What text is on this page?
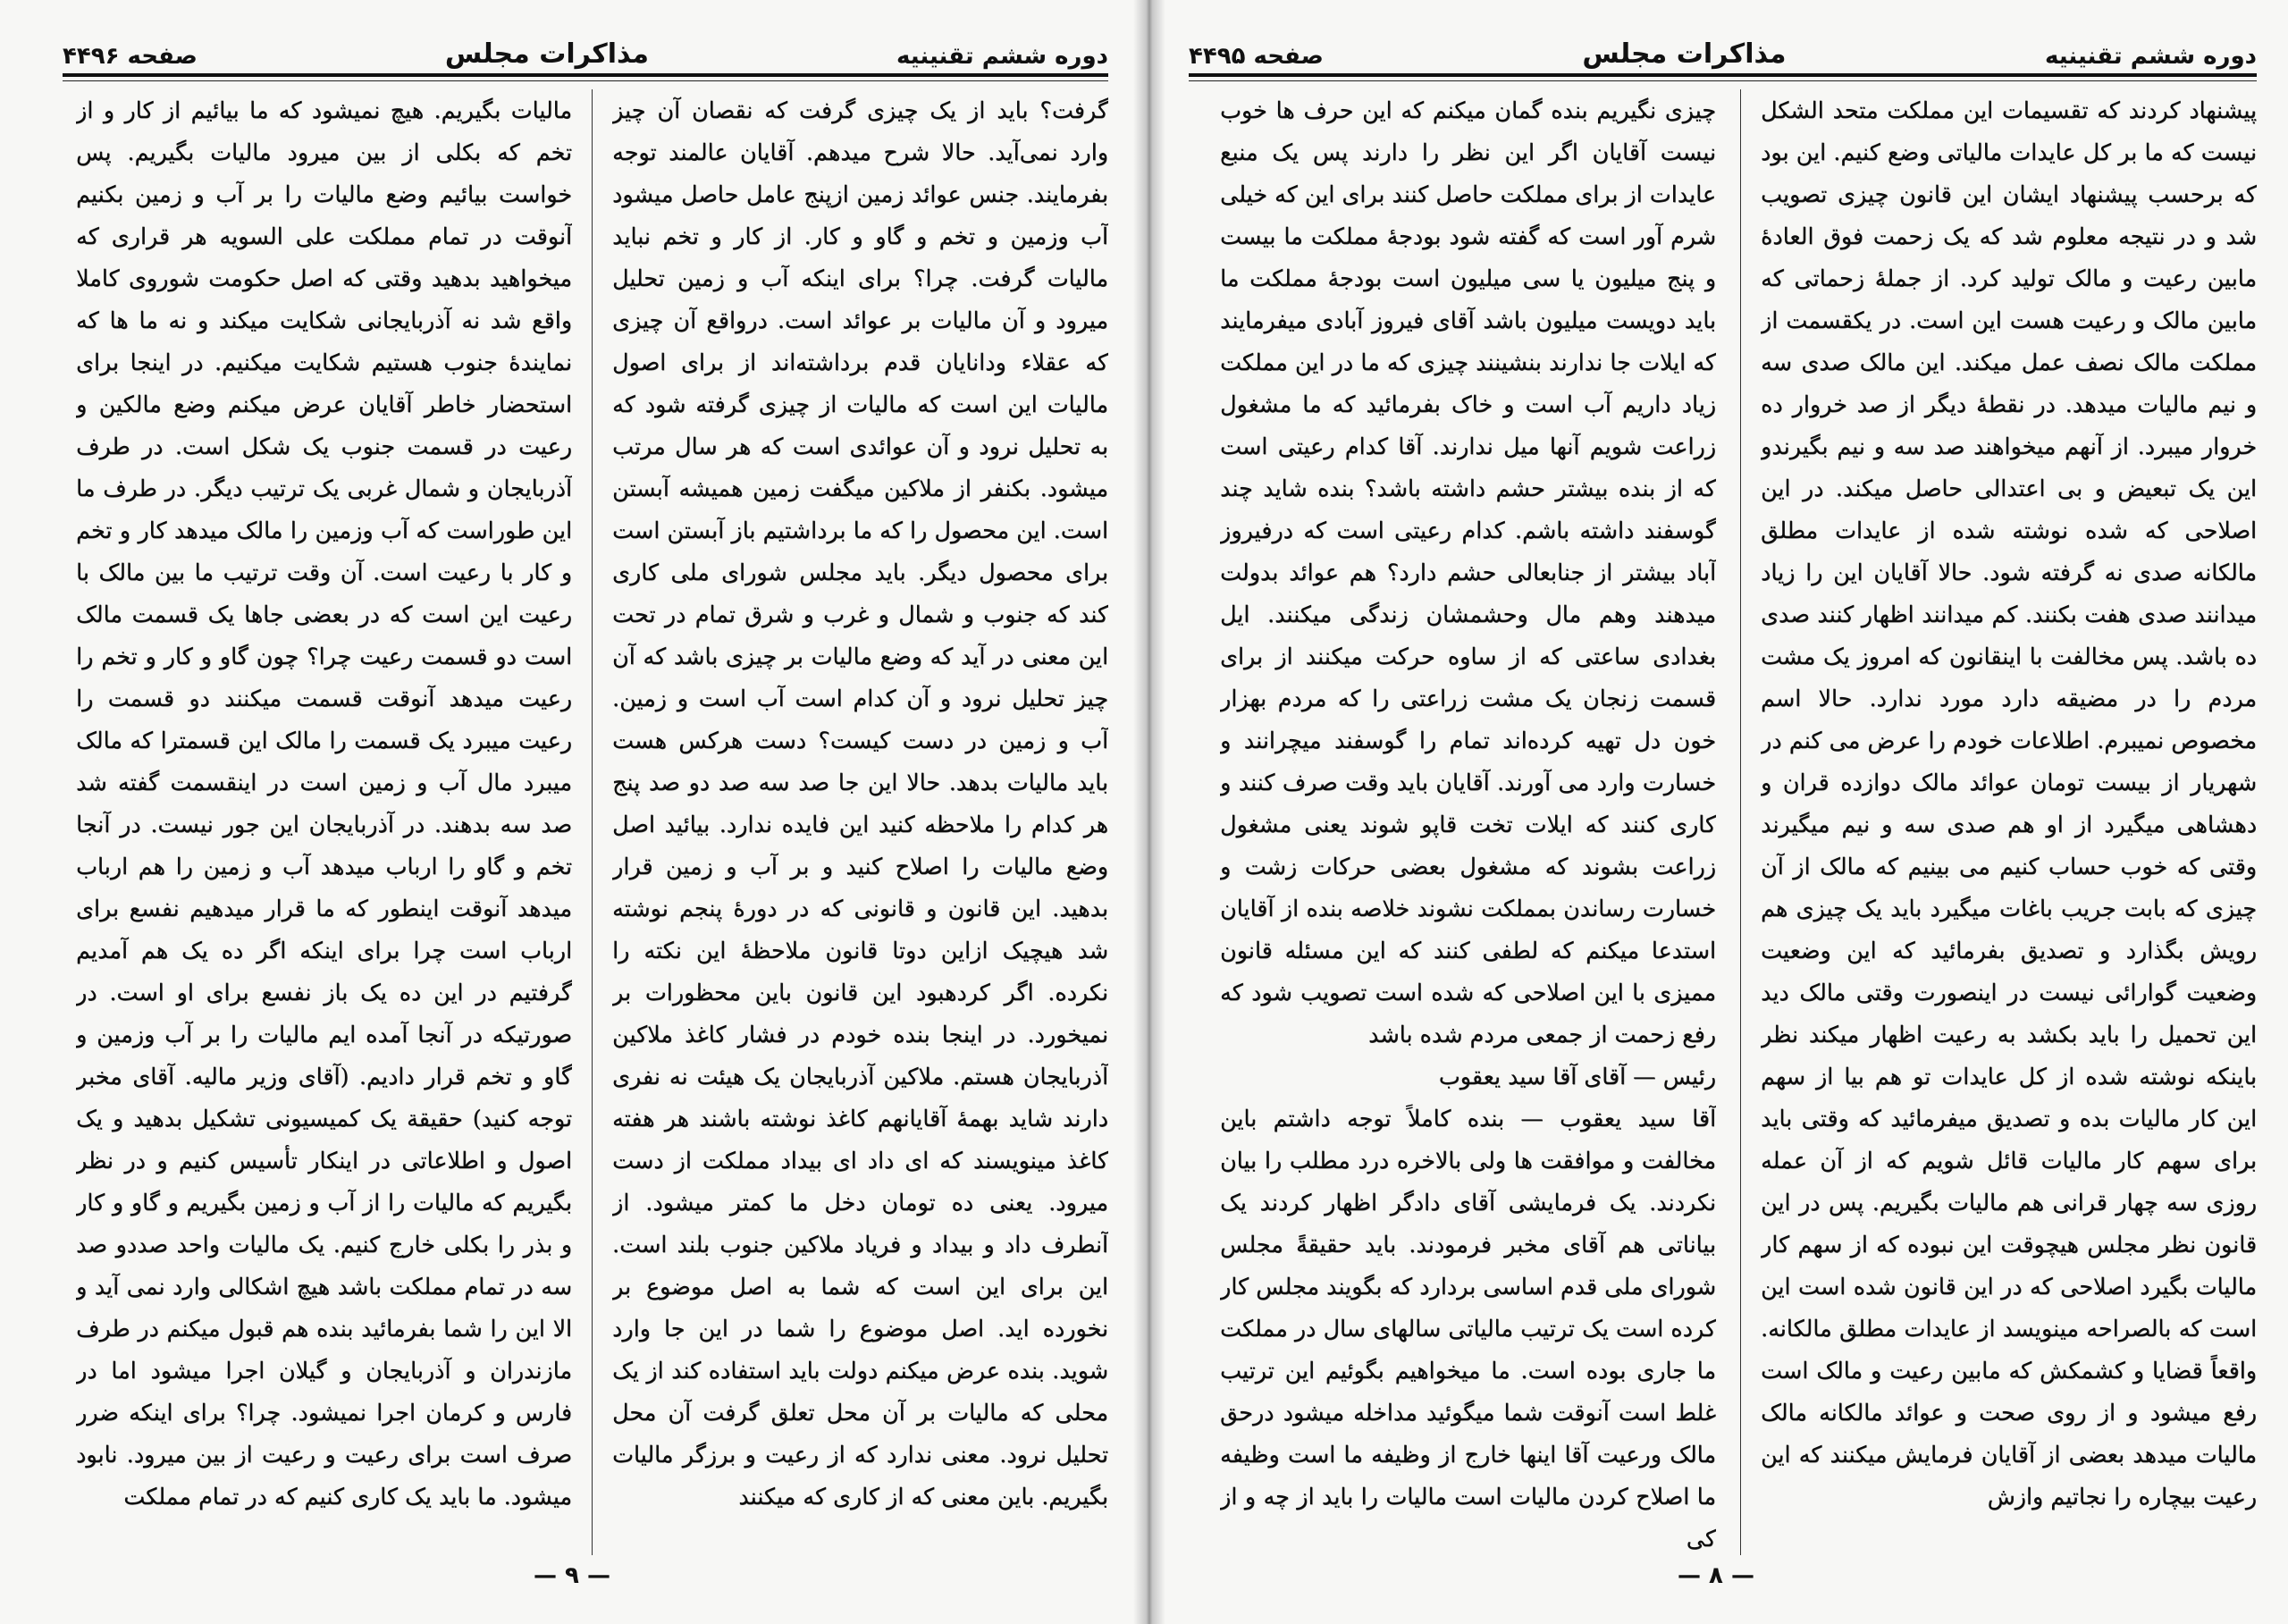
دوره ششم تقنینیه
مذاکرات مجلس
صفحه ۴۴۹۶

گرفت؟ باید از یک چیزی گرفت که نقصان آن چیز وارد نمی‌آید. حالا شرح میدهم. آقایان عالمند توجه بفرمایند. جنس عوائد زمین ازپنج عامل حاصل میشود آب وزمین و تخم و گاو و کار. از کار و تخم نباید مالیات گرفت. چرا؟ برای اینکه آب و زمین تحلیل میرود و آن مالیات بر عوائد است. درواقع آن چیزی که عقلاء ودانایان قدم برداشته‌اند از برای اصول مالیات این است که مالیات از چیزی گرفته شود که به تحلیل نرود و آن عوائدی است که هر سال مرتب میشود. بکنفر از ملاکین میگفت زمین همیشه آبستن است. این محصول را که ما برداشتیم باز آبستن است برای محصول دیگر. باید مجلس شورای ملی کاری کند که جنوب و شمال و غرب و شرق تمام در تحت این معنی در آید که وضع مالیات بر چیزی باشد که آن چیز تحلیل نرود و آن کدام است آب است و زمین. آب و زمین در دست کیست؟ دست هرکس هست باید مالیات بدهد. حالا این جا صد سه صد دو صد پنج هر کدام را ملاحظه کنید این فایده ندارد. بیائید اصل وضع مالیات را اصلاح کنید و بر آب و زمین قرار بدهید. این قانون و قانونی که در دورهٔ پنجم نوشته شد هیچیک ازاین دوتا قانون ملاحظهٔ این نکته را نکرده. اگر کردهبود این قانون باین محظورات بر نمیخورد. در اینجا بنده خودم در فشار کاغذ ملاکین آذربایجان هستم. ملاکین آذربایجان یک هیئت نه نفری دارند شاید بهمهٔ آقایانهم کاغذ نوشته باشند هر هفته کاغذ مینویسند که ای داد ای بیداد مملکت از دست میرود. یعنی ده تومان دخل ما کمتر میشود. از آنطرف داد و بیداد و فریاد ملاکین جنوب بلند است. این برای این است که شما به اصل موضوع بر نخورده اید. اصل موضوع را شما در این جا وارد شوید. بنده عرض میکنم دولت باید استفاده کند از یک محلی که مالیات بر آن محل تعلق گرفت آن محل تحلیل نرود. معنی ندارد که از رعیت و برزگر مالیات بگیریم. باین معنی که از کاری که میکنند

مالیات بگیریم. هیچ نمیشود که ما بیائیم از کار و از تخم که بکلی از بین میرود مالیات بگیریم. پس خواست بیائیم وضع مالیات را بر آب و زمین بکنیم آنوقت در تمام مملکت علی السویه هر قراری که میخواهید بدهید وقتی که اصل حکومت شوروی کاملا واقع شد نه آذربایجانی شکایت میکند و نه ما ها که نمایندهٔ جنوب هستیم شکایت میکنیم. در اینجا برای استحضار خاطر آقایان عرض میکنم وضع مالکین و رعیت در قسمت جنوب یک شکل است. در طرف آذربایجان و شمال غربی یک ترتیب دیگر. در طرف ما این طوراست که آب وزمین را مالک میدهد کار و تخم و کار با رعیت است. آن وقت ترتیب ما بین مالک با رعیت این است که در بعضی جاها یک قسمت مالک است دو قسمت رعیت چرا؟ چون گاو و کار و تخم را رعیت میدهد آنوقت قسمت میکنند دو قسمت را رعیت میبرد یک قسمت را مالک این قسمترا که مالک میبرد مال آب و زمین است در اینقسمت گفته شد صد سه بدهند. در آذربایجان این جور نیست. در آنجا تخم و گاو را ارباب میدهد آب و زمین را هم ارباب میدهد آنوقت اینطور که ما قرار میدهیم نفسع برای ارباب است چرا برای اینکه اگر ده یک هم آمدیم گرفتیم در این ده یک باز نفسع برای او است. در صورتیکه در آنجا آمده ایم مالیات را بر آب وزمین و گاو و تخم قرار دادیم. (آقای وزیر مالیه. آقای مخبر توجه کنید) حقیقة یک کمیسیونی تشکیل بدهید و یک اصول و اطلاعاتی در اینکار تأسیس کنیم و در نظر بگیریم که مالیات را از آب و زمین بگیریم و گاو و کار و بذر را بکلی خارج کنیم. یک مالیات واحد صددو صد سه در تمام مملکت باشد هیچ اشکالی وارد نمی آید و الا این را شما بفرمائید بنده هم قبول میکنم در طرف مازندران و آذربایجان و گیلان اجرا میشود اما در فارس و کرمان اجرا نمیشود. چرا؟ برای اینکه ضرر صرف است برای رعیت و رعیت از بین میرود. نابود میشود. ما باید یک کاری کنیم که در تمام مملکت

— ۹ —
دوره ششم تقنینیه
مذاکرات مجلس
صفحه ۴۴۹۵

پیشنهاد کردند که تقسیمات این مملکت متحد الشکل نیست که ما بر کل عایدات مالیاتی وضع کنیم. این بود که برحسب پیشنهاد ایشان این قانون چیزی تصویب شد و در نتیجه معلوم شد که یک زحمت فوق العادهٔ مابین رعیت و مالک تولید کرد. از جملهٔ زحماتی که مابین مالک و رعیت هست این است. در یکقسمت از مملکت مالک نصف عمل میکند. این مالک صدی سه و نیم مالیات میدهد. در نقطهٔ دیگر از صد خروار ده خروار میبرد. از آنهم میخواهند صد سه و نیم بگیرندو این یک تبعیض و بی اعتدالی حاصل میکند. در این اصلاحی که شده نوشته شده از عایدات مطلق مالکانه صدی نه گرفته شود. حالا آقایان این را زیاد میدانند صدی هفت بکنند. کم میدانند اظهار کنند صدی ده باشد. پس مخالفت با اینقانون که امروز یک مشت مردم را در مضیقه دارد مورد ندارد. حالا اسم مخصوص نمیبرم. اطلاعات خودم را عرض می کنم در شهریار از بیست تومان عوائد مالک دوازده قران و دهشاهی میگیرد از او هم صدی سه و نیم میگیرند وقتی که خوب حساب کنیم می بینیم که مالک از آن چیزی که بابت جریب باغات میگیرد باید یک چیزی هم رویش بگذارد و تصدیق بفرمائید که این وضعیت وضعیت گوارائی نیست در اینصورت وقتی مالک دید این تحمیل را باید بکشد به رعیت اظهار میکند نظر باینکه نوشته شده از کل عایدات تو هم بیا از سهم این کار مالیات بده و تصدیق میفرمائید که وقتی باید برای سهم کار مالیات قائل شویم که از آن عمله روزی سه چهار قرانی هم مالیات بگیریم. پس در این قانون نظر مجلس هیچوقت این نبوده که از سهم کار مالیات بگیرد اصلاحی که در این قانون شده است این است که بالصراحه مینویسد از عایدات مطلق مالکانه. واقعاً قضایا و کشمکش که مابین رعیت و مالک است رفع میشود و از روی صحت و عوائد مالکانه مالک مالیات میدهد بعضی از آقایان فرمایش میکنند که این رعیت بیچاره را نجاتیم وازش

چیزی نگیریم بنده گمان میکنم که این حرف ها خوب نیست آقایان اگر این نظر را دارند پس یک منبع عایدات از برای مملکت حاصل کنند برای این که خیلی شرم آور است که گفته شود بودجهٔ مملکت ما بیست و پنج میلیون یا سی میلیون است بودجهٔ مملکت ما باید دویست میلیون باشد آقای فیروز آبادی میفرمایند که ایلات جا ندارند بنشینند چیزی که ما در این مملکت زیاد داریم آب است و خاک بفرمائید که ما مشغول زراعت شویم آنها میل ندارند. آقا کدام رعیتی است که از بنده بیشتر حشم داشته باشد؟ بنده شاید چند گوسفند داشته باشم. کدام رعیتی است که درفیروز آباد بیشتر از جنابعالی حشم دارد؟ هم عوائد بدولت میدهند وهم مال وحشمشان زندگی میکنند. ایل بغدادی ساعتی که از ساوه حرکت میکنند از برای قسمت زنجان یک مشت زراعتی را که مردم بهزار خون دل تهیه کرده‌اند تمام را گوسفند میچرانند و خسارت وارد می آورند. آقایان باید وقت صرف کنند و کاری کنند که ایلات تخت قاپو شوند یعنی مشغول زراعت بشوند که مشغول بعضی حرکات زشت و خسارت رساندن بمملکت نشوند خلاصه بنده از آقایان استدعا میکنم که لطفی کنند که این مسئله قانون ممیزی با این اصلاحی که شده است تصویب شود که رفع زحمت از جمعی مردم شده باشد
رئیس — آقای آقا سید یعقوب
آقا سید یعقوب — بنده کاملاً توجه داشتم باین مخالفت و موافقت ها ولی بالاخره درد مطلب را بیان نکردند. یک فرمایشی آقای دادگر اظهار کردند یک بیاناتی هم آقای مخبر فرمودند. باید حقیقةً مجلس شورای ملی قدم اساسی بردارد که بگویند مجلس کار کرده است یک ترتیب مالیاتی سالهای سال در مملکت ما جاری بوده است. ما میخواهیم بگوئیم این ترتیب غلط است آنوقت شما میگوئید مداخله میشود درحق مالک ورعیت آقا اینها خارج از وظیفه ما است وظیفه ما اصلاح کردن مالیات است مالیات را باید از چه و از کی

— ۸ —
